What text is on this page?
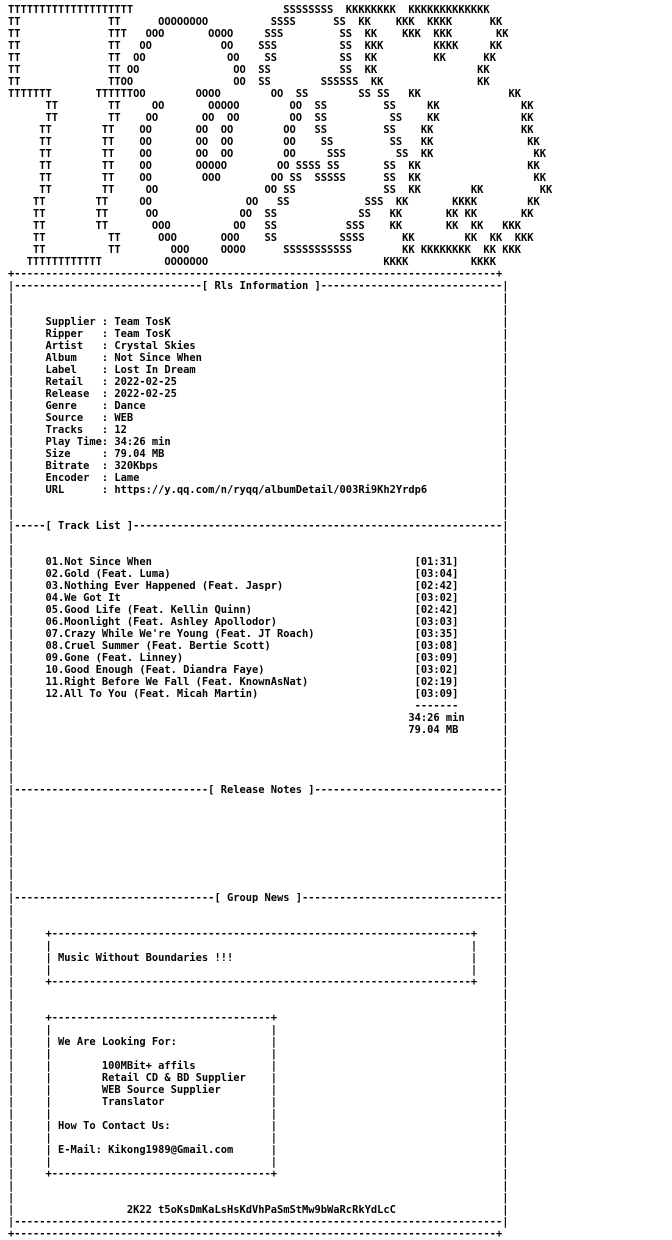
TTTTTTTTTTTTTTTTTTTT                        SSSSSSSS  KKKKKKKK  KKKKKKKKKKKKK
TT              TT      OOOOOOOO          SSSS      SS  KK    KKK  KKKK      KK
TT              TTT   OOO       OOOO     SSS         SS  KK    KKK  KKK       KK
TT              TT   OO           OO    SSS          SS  KKK        KKKK     KK
TT              TT  OO             OO    SS          SS  KK         KK      KK
TT              TT OO               OO  SS           SS  KK                KK
TT              TTOO                OO  SS        SSSSSS  KK               KK
TTTTTTT       TTTTTTOO        OOOO        OO  SS        SS SS   KK              KK
TT        TT     OO       OOOOO        OO  SS         SS     KK             KK
TT        TT    OO       OO  OO        OO  SS          SS    KK             KK
TT        TT    OO       OO  OO        OO   SS         SS    KK              KK
TT        TT    OO       OO  OO        OO    SS         SS   KK               KK
TT        TT    OO       OO  OO        OO     SSS        SS  KK                KK
TT        TT    OO       OOOOO        OO SSSS SS       SS  KK                 KK
TT        TT    OO        OOO        OO SS  SSSSS      SS  KK                  KK
TT        TT     OO                 OO SS              SS  KK        KK         KK
TT        TT     OO               OO   SS            SSS  KK       KKKK        KK
TT        TT      OO             OO  SS             SS   KK       KK KK       KK
TT        TT       OOO          OO   SS           SSS    KK       KK  KK   KKK
TT          TT      OOO       OOO    SS          SSSS      KK        KK  KK  KKK
TT          TT        OOO     OOOO      SSSSSSSSSSS        KK KKKKKKKK  KK KKK
TTTTTTTTTTTT          OOOOOOO                            KKKK          KKKK
+-----------------------------------------------------------------------------+
|------------------------------[ Rls Information ]-----------------------------|
|                                                                              |
|                                                                              |
|     Supplier : Team TosK                                                     |
|     Ripper   : Team TosK                                                     |
|     Artist   : Crystal Skies                                                 |
|     Album    : Not Since When                                                |
|     Label    : Lost In Dream                                                 |
|     Retail   : 2022-02-25                                                    |
|     Release  : 2022-02-25                                                    |
|     Genre    : Dance                                                         |
|     Source   : WEB                                                           |
|     Tracks   : 12                                                            |
|     Play Time: 34:26 min                                                     |
|     Size     : 79.04 MB                                                      |
|     Bitrate  : 320Kbps                                                       |
|     Encoder  : Lame                                                          |
|     URL      : https://y.qq.com/n/ryqq/albumDetail/003Ri9Kh2Yrdp6            |
|                                                                              |
|                                                                              |
|-----[ Track List ]-----------------------------------------------------------|
|                                                                              |
|                                                                              |
|     01.Not Since When                                          [01:31]       |
|     02.Gold (Feat. Luma)                                       [03:04]       |
|     03.Nothing Ever Happened (Feat. Jaspr)                     [02:42]       |
|     04.We Got It                                               [03:02]       |
|     05.Good Life (Feat. Kellin Quinn)                          [02:42]       |
|     06.Moonlight (Feat. Ashley Apollodor)                      [03:03]       |
|     07.Crazy While We're Young (Feat. JT Roach)                [03:35]       |
|     08.Cruel Summer (Feat. Bertie Scott)                       [03:08]       |
|     09.Gone (Feat. Linney)                                     [03:09]       |
|     10.Good Enough (Feat. Diandra Faye)                        [03:02]       |
|     11.Right Before We Fall (Feat. KnownAsNat)                 [02:19]       |
|     12.All To You (Feat. Micah Martin)                         [03:09]       |
|                                                                -------       |
|                                                               34:26 min      |
|                                                               79.04 MB       |
|                                                                              |
|                                                                              |
|                                                                              |
|                                                                              |
|-------------------------------[ Release Notes ]------------------------------|
|                                                                              |
|                                                                              |
|                                                                              |
|                                                                              |
|                                                                              |
|                                                                              |
|                                                                              |
|                                                                              |
|--------------------------------[ Group News ]--------------------------------|
|                                                                              |
|                                                                              |
|     +-------------------------------------------------------------------+    |
|     |                                                                   |    |
|     | Music Without Boundaries !!!                                      |    |
|     |                                                                   |    |
|     +-------------------------------------------------------------------+    |
|                                                                              |
|                                                                              |
|     +-----------------------------------+                                    |
|     |                                   |                                    |
|     | We Are Looking For:               |                                    |
|     |                                   |                                    |
|     |        100MBit+ affils            |                                    |
|     |        Retail CD & BD Supplier    |                                    |
|     |        WEB Source Supplier        |                                    |
|     |        Translator                 |                                    |
|     |                                   |                                    |
|     | How To Contact Us:                |                                    |
|     |                                   |                                    |
|     | E-Mail: Kikong1989@Gmail.com      |                                    |
|     |                                   |                                    |
|     +-----------------------------------+                                    |
|                                                                              |
|                                                                              |
|                  2K22 t5oKsDmKaLsHsKdVhPaSmStMw9bWaRcRkYdLcC                 |
|------------------------------------------------------------------------------|
+-----------------------------------------------------------------------------+
